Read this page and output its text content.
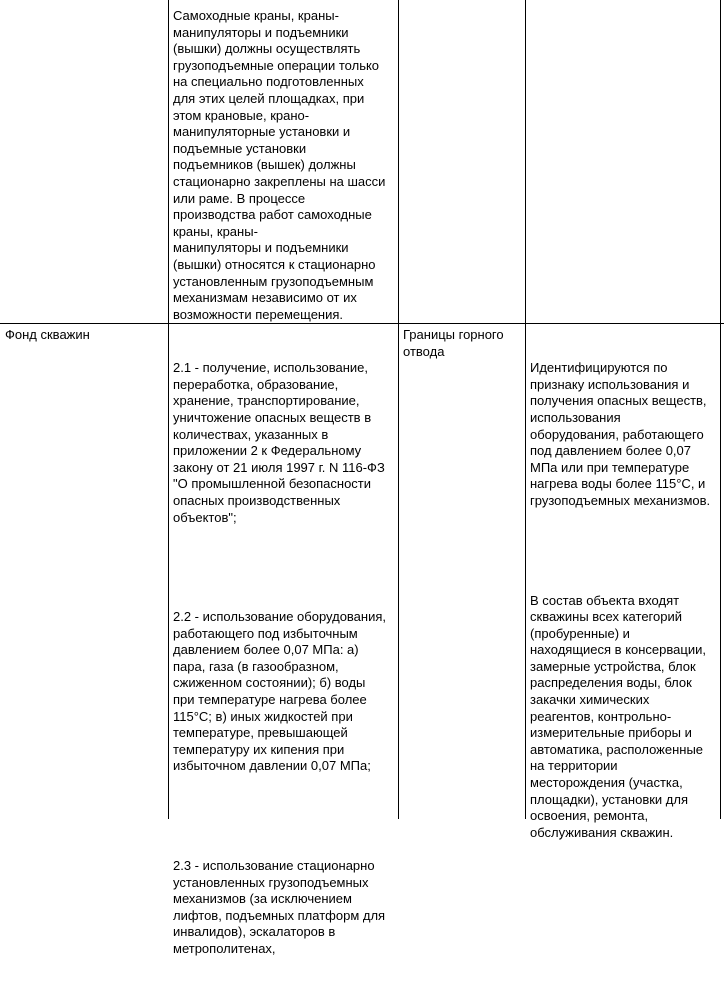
Самоходные краны, краны-
манипуляторы и подъемники
(вышки) должны осуществлять
грузоподъемные операции только
на специально подготовленных
для этих целей площадках, при
этом крановые, крано-
манипуляторные установки и
подъемные установки
подъемников (вышек) должны
стационарно закреплены на шасси
или раме. В процессе
производства работ самоходные
краны, краны-
манипуляторы и подъемники
(вышки) относятся к стационарно
установленным грузоподъемным
механизмам независимо от их
возможности перемещения.
Фонд скважин

2.1 - получение, использование,
переработка, образование,
хранение, транспортирование,
уничтожение опасных веществ в
количествах, указанных в
приложении 2 к Федеральному
закону от 21 июля 1997 г. N 116-ФЗ
"О промышленной безопасности
опасных производственных
объектов";

2.2 - использование оборудования,
работающего под избыточным
давлением более 0,07 МПа: а)
пара, газа (в газообразном,
сжиженном состоянии); б) воды
при температуре нагрева более
115°С; в) иных жидкостей при
температуре, превышающей
температуру их кипения при
избыточном давлении 0,07 МПа;

2.3 - использование стационарно
установленных грузоподъемных
механизмов (за исключением
лифтов, подъемных платформ для
инвалидов), эскалаторов в
метрополитенах,

Границы горного
отвода

Идентифицируются по
признаку использования и
получения опасных веществ,
использования
оборудования, работающего
под давлением более 0,07
МПа или при температуре
нагрева воды более 115°С, и
грузоподъемных механизмов.

В состав объекта входят
скважины всех категорий
(пробуренные) и
находящиеся в консервации,
замерные устройства, блок
распределения воды, блок
закачки химических
реагентов, контрольно-
измерительные приборы и
автоматика, расположенные
на территории
месторождения (участка,
площадки), установки для
освоения, ремонта,
обслуживания скважин.
